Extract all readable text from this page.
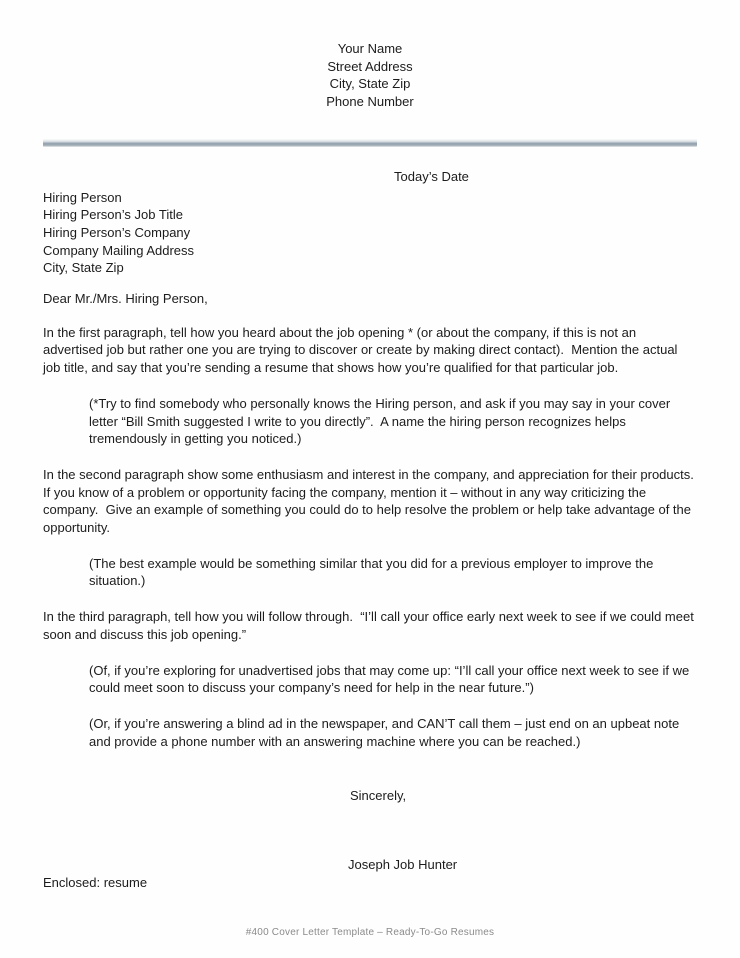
Your Name
Street Address
City, State Zip
Phone Number
Today’s Date
Hiring Person
Hiring Person’s Job Title
Hiring Person’s Company
Company Mailing Address
City, State Zip
Dear Mr./Mrs. Hiring Person,
In the first paragraph, tell how you heard about the job opening * (or about the company, if this is not an advertised job but rather one you are trying to discover or create by making direct contact).  Mention the actual job title, and say that you’re sending a resume that shows how you’re qualified for that particular job.
(*Try to find somebody who personally knows the Hiring person, and ask if you may say in your cover letter “Bill Smith suggested I write to you directly”.  A name the hiring person recognizes helps tremendously in getting you noticed.)
In the second paragraph show some enthusiasm and interest in the company, and appreciation for their products.  If you know of a problem or opportunity facing the company, mention it – without in any way criticizing the company.  Give an example of something you could do to help resolve the problem or help take advantage of the opportunity.
(The best example would be something similar that you did for a previous employer to improve the situation.)
In the third paragraph, tell how you will follow through.  “I’ll call your office early next week to see if we could meet soon and discuss this job opening.”
(Of, if you’re exploring for unadvertised jobs that may come up: “I’ll call your office next week to see if we could meet soon to discuss your company’s need for help in the near future.”)
(Or, if you’re answering a blind ad in the newspaper, and CAN’T call them – just end on an upbeat note and provide a phone number with an answering machine where you can be reached.)
Sincerely,
Joseph Job Hunter
Enclosed: resume
#400 Cover Letter Template – Ready-To-Go Resumes
